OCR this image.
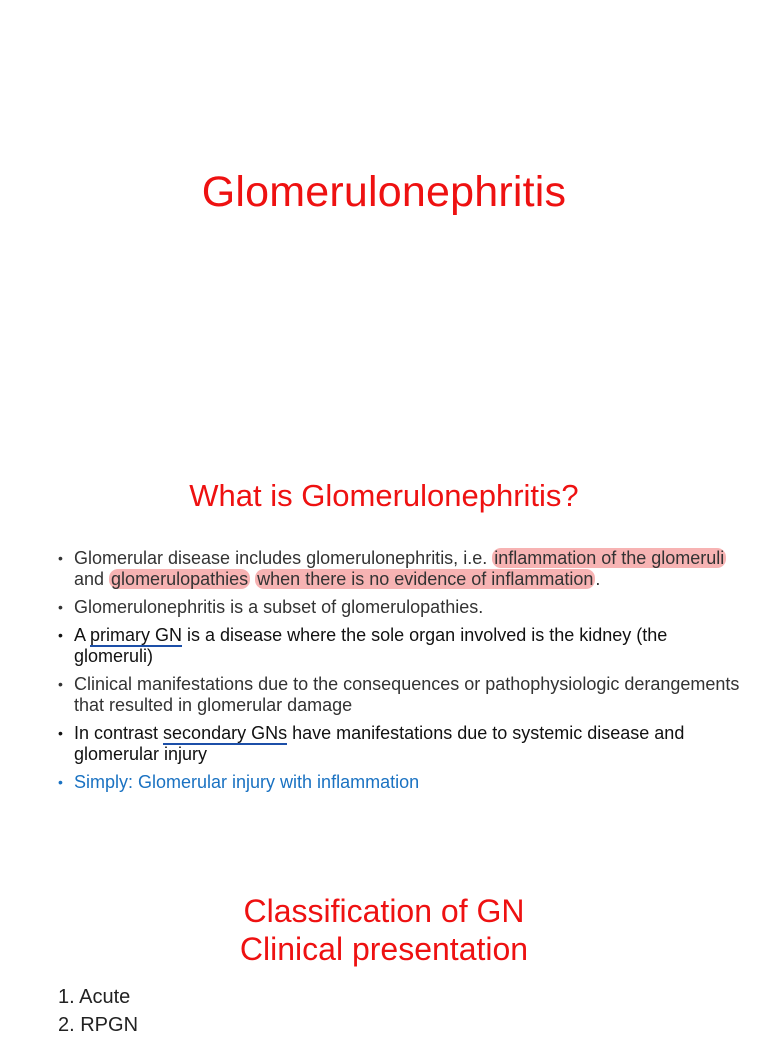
Glomerulonephritis
What is Glomerulonephritis?
• Glomerular disease includes glomerulonephritis, i.e. inflammation of the glomeruli and glomerulopathies when there is no evidence of inflammation .
• Glomerulonephritis is a subset of glomerulopathies.
• A primary GN is a disease where the sole organ involved is the kidney (the glomeruli)
• Clinical manifestations due to the consequences or pathophysiologic derangements that resulted in glomerular damage
• In contrast secondary GNs have manifestations due to systemic disease and glomerular injury
• Simply: Glomerular injury with inflammation
Classification of GN
Clinical presentation
1. Acute
2. RPGN
